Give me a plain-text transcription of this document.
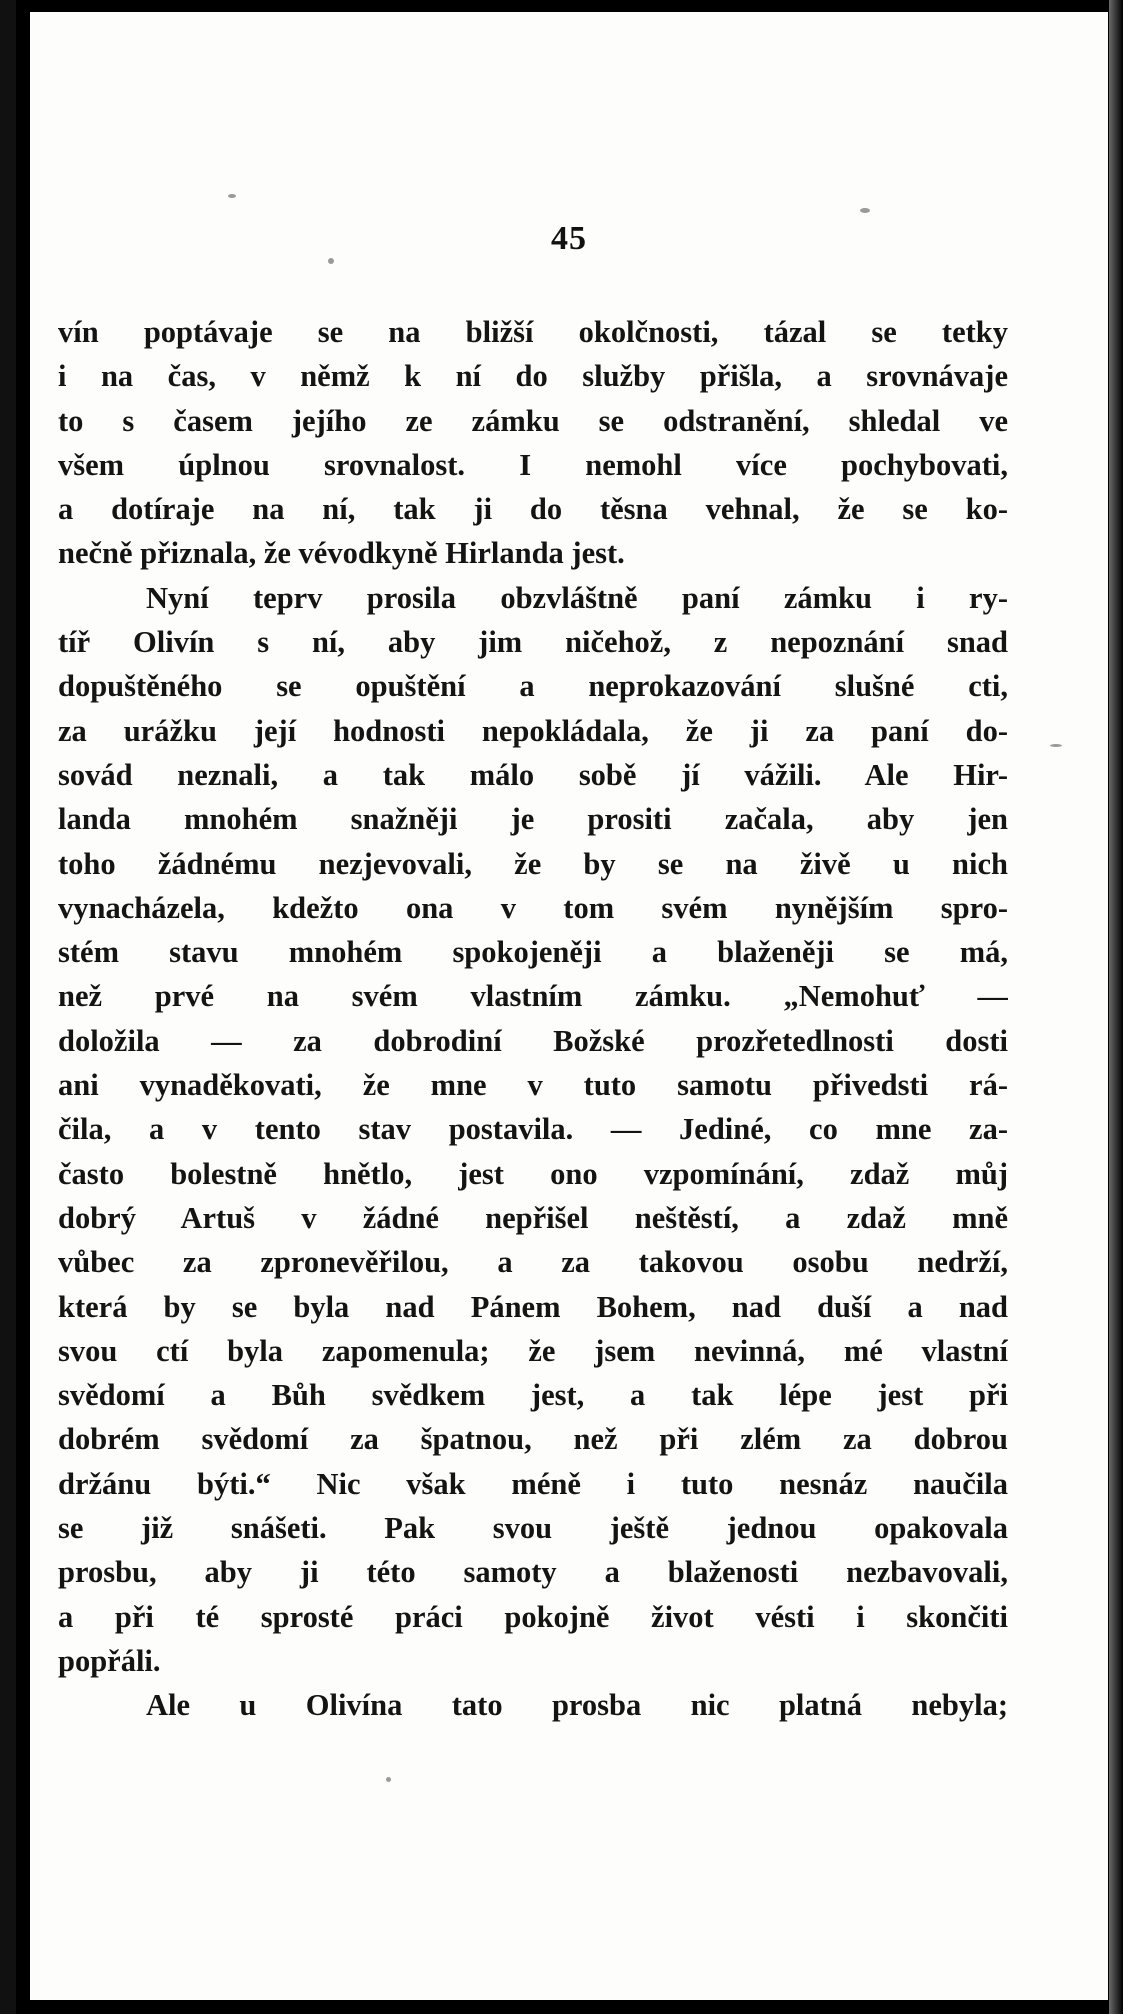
45
vín poptávaje se na bližší okolčnosti, tázal se tetky
i na čas, v němž k ní do služby přišla, a srovnávaje
to s časem jejího ze zámku se odstranění, shledal ve
všem úplnou srovnalost. I nemohl více pochybovati,
a dotíraje na ní, tak ji do těsna vehnal, že se ko-
nečně přiznala, že vévodkyně Hirlanda jest.
Nyní teprv prosila obzvláštně paní zámku i ry-
tíř Olivín s ní, aby jim ničehož, z nepoznání snad
dopuštěného se opuštění a neprokazování slušné cti,
za urážku její hodnosti nepokládala, že ji za paní do-
sovád neznali, a tak málo sobě jí vážili. Ale Hir-
landa mnohém snažněji je prositi začala, aby jen
toho žádnému nezjevovali, že by se na živě u nich
vynacházela, kdežto ona v tom svém nynějším spro-
stém stavu mnohém spokojeněji a blaženěji se má,
než prvé na svém vlastním zámku. „Nemohuť —
doložila — za dobrodiní Božské prozřetedlnosti dosti
ani vynaděkovati, že mne v tuto samotu přivedsti rá-
čila, a v tento stav postavila. — Jediné, co mne za-
často bolestně hnětlo, jest ono vzpomínání, zdaž můj
dobrý Artuš v žádné nepřišel neštěstí, a zdaž mně
vůbec za zpronevěřilou, a za takovou osobu nedrží,
která by se byla nad Pánem Bohem, nad duší a nad
svou ctí byla zapomenula; že jsem nevinná, mé vlastní
svědomí a Bůh svědkem jest, a tak lépe jest při
dobrém svědomí za špatnou, než při zlém za dobrou
držánu býti.“ Nic však méně i tuto nesnáz naučila
se již snášeti. Pak svou ještě jednou opakovala
prosbu, aby ji této samoty a blaženosti nezbavovali,
a při té sprosté práci pokojně život vésti i skončiti
popřáli.
Ale u Olivína tato prosba nic platná nebyla;
